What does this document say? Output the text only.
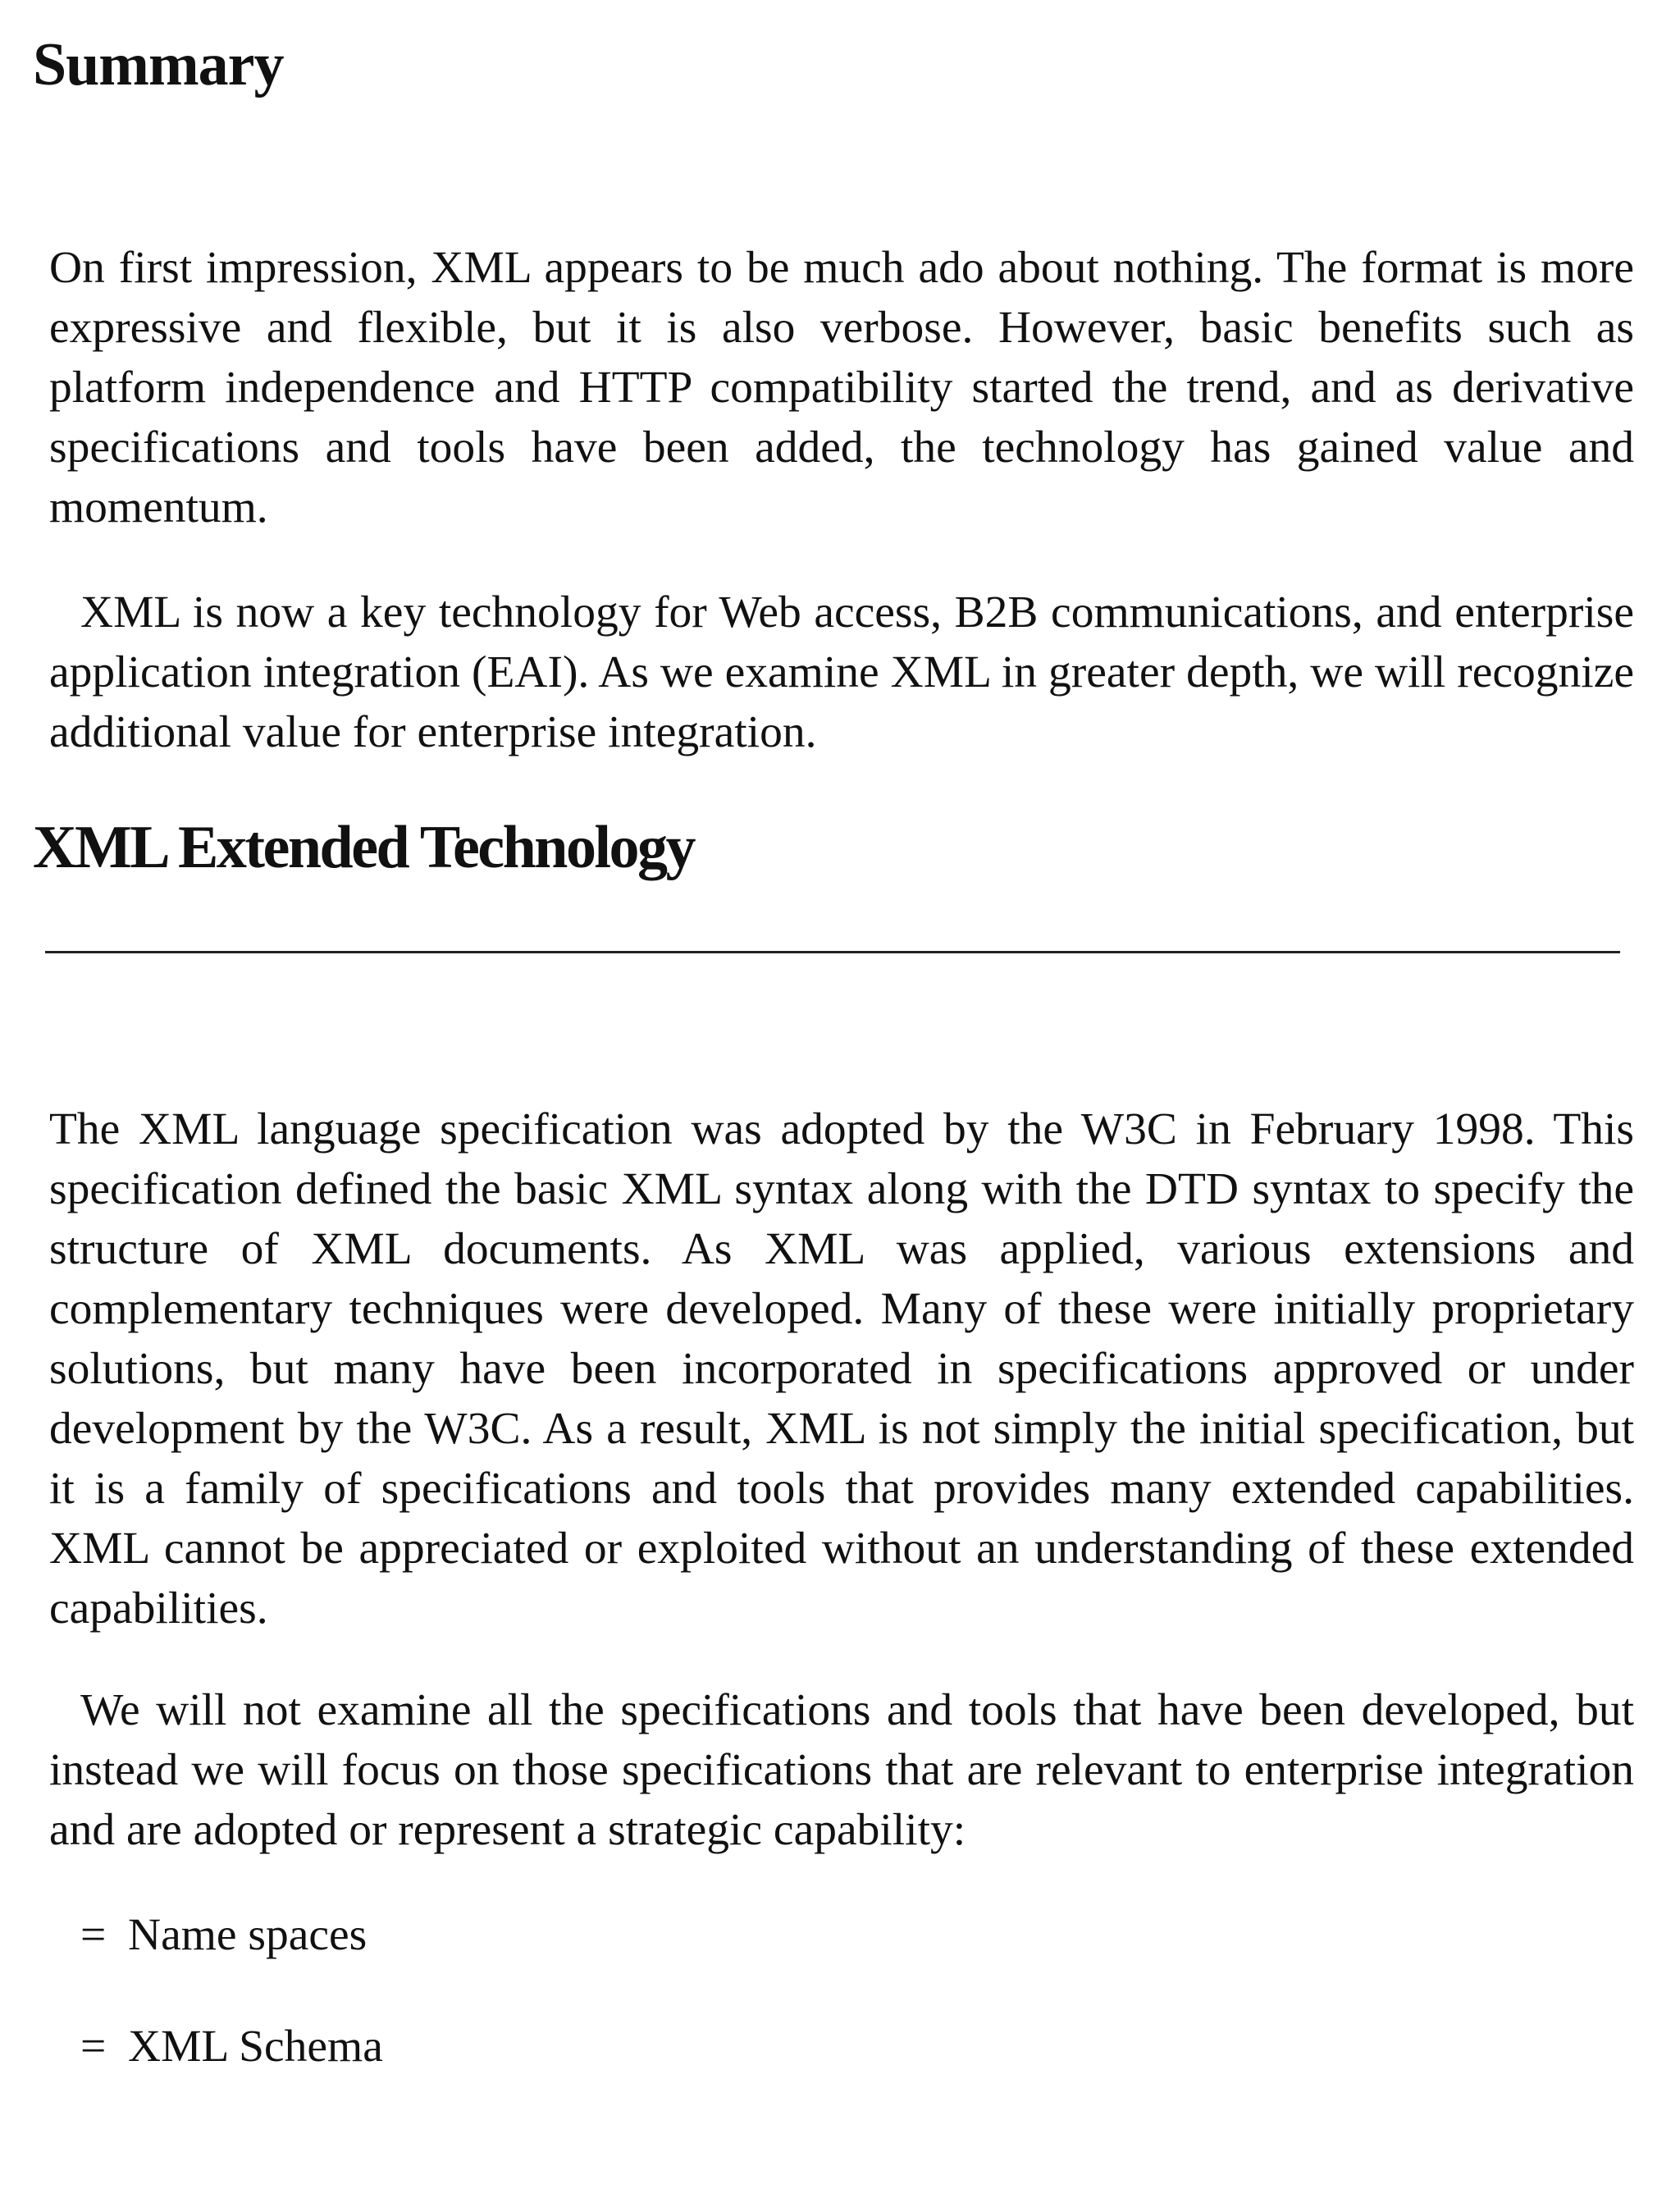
Summary

On first impression, XML appears to be much ado about nothing. The format is more expressive and flexible, but it is also verbose. However, basic benefits such as platform independence and HTTP compatibility started the trend, and as derivative specifications and tools have been added, the technology has gained value and momentum.

XML is now a key technology for Web access, B2B communications, and enterprise application integration (EAI). As we examine XML in greater depth, we will recognize additional value for enterprise integration.

XML Extended Technology

The XML language specification was adopted by the W3C in February 1998. This specification defined the basic XML syntax along with the DTD syntax to specify the structure of XML documents. As XML was applied, various extensions and complementary techniques were developed. Many of these were initially proprietary solutions, but many have been incorporated in specifications approved or under development by the W3C. As a result, XML is not simply the initial specification, but it is a family of specifications and tools that provides many extended capabilities. XML cannot be appreciated or exploited without an understanding of these extended capabilities.

We will not examine all the specifications and tools that have been developed, but instead we will focus on those specifications that are relevant to enterprise integration and are adopted or represent a strategic capability:

= Name spaces

= XML Schema
